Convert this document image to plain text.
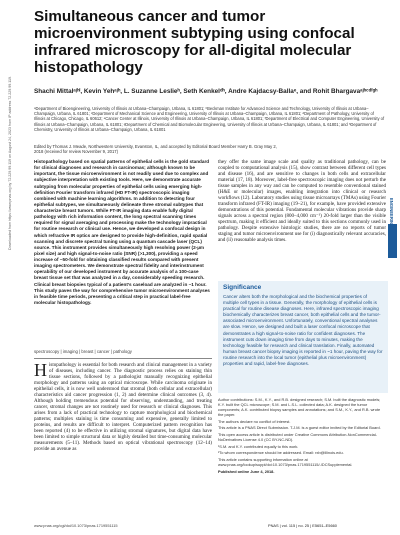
Downloaded from https://www.pnas.org by 72.229.99.119 on August 24, 2023 from IP address 72.229.99.119.
Simultaneous cancer and tumor microenvironment subtyping using confocal infrared microscopy for all-digital molecular histopathology
Shachi Mittalᵃʲʰˡ, Kevin Yehᵃʲʰ, L. Suzanne Leslieʰ, Seth Kenkelᵈʰ, Andre Kajdacsy-Ballaᵉ, and Rohit Bhargavaᵃʲʰᶜᵈᶠᵍʰ
ᵃDepartment of Bioengineering, University of Illinois at Urbana–Champaign, Urbana, IL 61801; ʰBeckman Institute for Advanced Science and Technology, University of Illinois at Urbana–Champaign, Urbana, IL 61801; ᶜDepartment of Mechanical Science and Engineering, University of Illinois at Urbana–Champaign, Urbana, IL 61801; ᵈDepartment of Pathology, University of Illinois at Chicago, Chicago, IL 60612; ᵉCancer Center at Illinois, University of Illinois at Urbana–Champaign, Urbana, IL 61801; ᶠDepartment of Electrical and Computer Engineering, University of Illinois at Urbana–Champaign, Urbana, IL 61801; ᵍDepartment of Chemical and Biomolecular Engineering, University of Illinois at Urbana–Champaign, Urbana, IL 61801; and ʰDepartment of Chemistry, University of Illinois at Urbana–Champaign, Urbana, IL 61801
Edited by Thomas J. Meade, Northwestern University, Evanston, IL, and accepted by Editorial Board Member Harry B. Gray May 2, 2018 (received for review November 9, 2017)

Histopathology based on spatial patterns of epithelial cells is the gold standard for clinical diagnoses and research in carcinomas; although known to be important, the tissue microenvironment is not readily used due to complex and subjective interpretation with existing tools. Here, we demonstrate accurate subtyping from molecular properties of epithelial cells using emerging high-definition Fourier transform infrared (HD FT-IR) spectroscopic imaging combined with machine learning algorithms. In addition to detecting four epithelial subtypes, we simultaneously delineate three stromal subtypes that characterize breast tumors. While FT-IR imaging data enable fully digital pathology with rich information content, the long spectral scanning times required for signal averaging and processing make the technology impractical for routine research or clinical use. Hence, we developed a confocal design in which refractive IR optics are designed to provide high-definition, rapid spatial scanning and discrete spectral tuning using a quantum cascade laser (QCL) source. This instrument provides simultaneously high resolving power (2-µm pixel size) and high signal-to-noise ratio (SNR) (>1,300), providing a speed increase of ~50-fold for obtaining classified results compared with present imaging spectrometers. We demonstrate spectral fidelity and interinstrument operability of our developed instrument by accurate analysis of a 100-case breast tissue set that was analyzed in a day, considerably speeding research. Clinical breast biopsies typical of a patient’s caseload are analyzed in ~1 hour. This study paves the way for comprehensive tumor microenvironment analyses in feasible time periods, presenting a critical step in practical label-free molecular histopathology.

spectroscopy | imaging | breast | cancer | pathology

Histopathology is essential for both research and clinical management in a variety of diseases, including cancer. The diagnostic process relies on staining thin tissue sections, followed by a pathologist manually recognizing epithelial morphology and patterns using an optical microscope. While carcinoma originate in epithelial cells, it is now well understood that stromal (both cellular and extracellular) characteristics aid cancer progression (1, 2) and determine clinical outcomes (3, 4). Although holding tremendous potential for observing, understanding, and treating cancer, stromal changes are not routinely used for research or clinical diagnoses. This arises from a lack of practical technology to capture morphological and biochemical patterns; multiplex staining is time consuming and expensive, generally limited to proteins, and results are difficult to interpret. Computerized pattern recognition has been reported (4) to be effective in utilizing stromal signatures, but digital data have been limited to simple structural data or highly detailed but time-consuming molecular measurements (5–11). Methods based on optical vibrational spectroscopy (12–14) provide an avenue as

they offer the same image scale and quality as traditional pathology, can be coupled to computational analysis (15), show contrast between different cell types and disease (16), and are sensitive to changes in both cells and extracellular material (17, 18). Moreover, label-free spectroscopic imaging does not perturb the tissue samples in any way and can be computed to resemble conventional stained (H&E or molecular) images, enabling integration into clinical or research workflows (12). Laboratory studies using tissue microarrays (TMAs) using Fourier transform infrared (FT-IR) imaging (19–21), for example, have provided extensive demonstrations of this potential. Fundamental molecular vibrations provide sharp signals across a spectral region (800–4,000 cm⁻¹) 20-fold larger than the visible spectrum, making it efficient and ideally suited to this sections commonly used in pathology. Despite extensive histologic studies, there are no reports of tumor staging and tumor microenvironment use for (i) diagnostically relevant accuracies, and (ii) reasonable analysis times.

Significance

Cancer alters both the morphological and the biochemical properties of multiple cell types in a tissue. Generally, the morphology of epithelial cells is practical for routine disease diagnoses. Here, infrared spectroscopic imaging biochemically characterizes breast cancer, both epithelial cells and the tumor-associated microenvironment. Unfortunately, conventional spectral analyses are slow. Hence, we designed and built a laser confocal microscope that demonstrates a high signal-to-noise ratio for confident diagnoses. The instrument cuts down imaging time from days to minutes, making the technology feasible for research and clinical translation. Finally, automated human breast cancer biopsy imaging is reported in ~1 hour, paving the way for routine research into the local tumor (epithelial plus microenvironment) properties and rapid, label-free diagnoses.

Author contributions: S.M., K.Y., and R.B. designed research; S.M. built the diagnostic models; K.Y. built the QCL microscope; S.M. and L.S.L. collected data; A.K. designed the tumor components; A.K. contributed biopsy samples and annotations; and S.M., K.Y., and R.B. wrote the paper.

The authors declare no conflict of interest.

This article is a PNAS Direct Submission. T.J.M. is a guest editor invited by the Editorial Board.

This open access article is distributed under Creative Commons Attribution-NonCommercial-NoDerivatives License 4.0 (CC BY-NC-ND).

¹S.M. and K.Y. contributed equally to this work.

²To whom correspondence should be addressed. Email: rxb@illinois.edu.

This article contains supporting information online at www.pnas.org/lookup/suppl/doi:10.1073/pnas.1719551115/-/DCSupplemental.

Published online June 4, 2018.

ENGINEERING
www.pnas.org/cgi/doi/10.1073/pnas.1719551115	PNAS | vol. 115 | no. 25 | E5651–E5660
